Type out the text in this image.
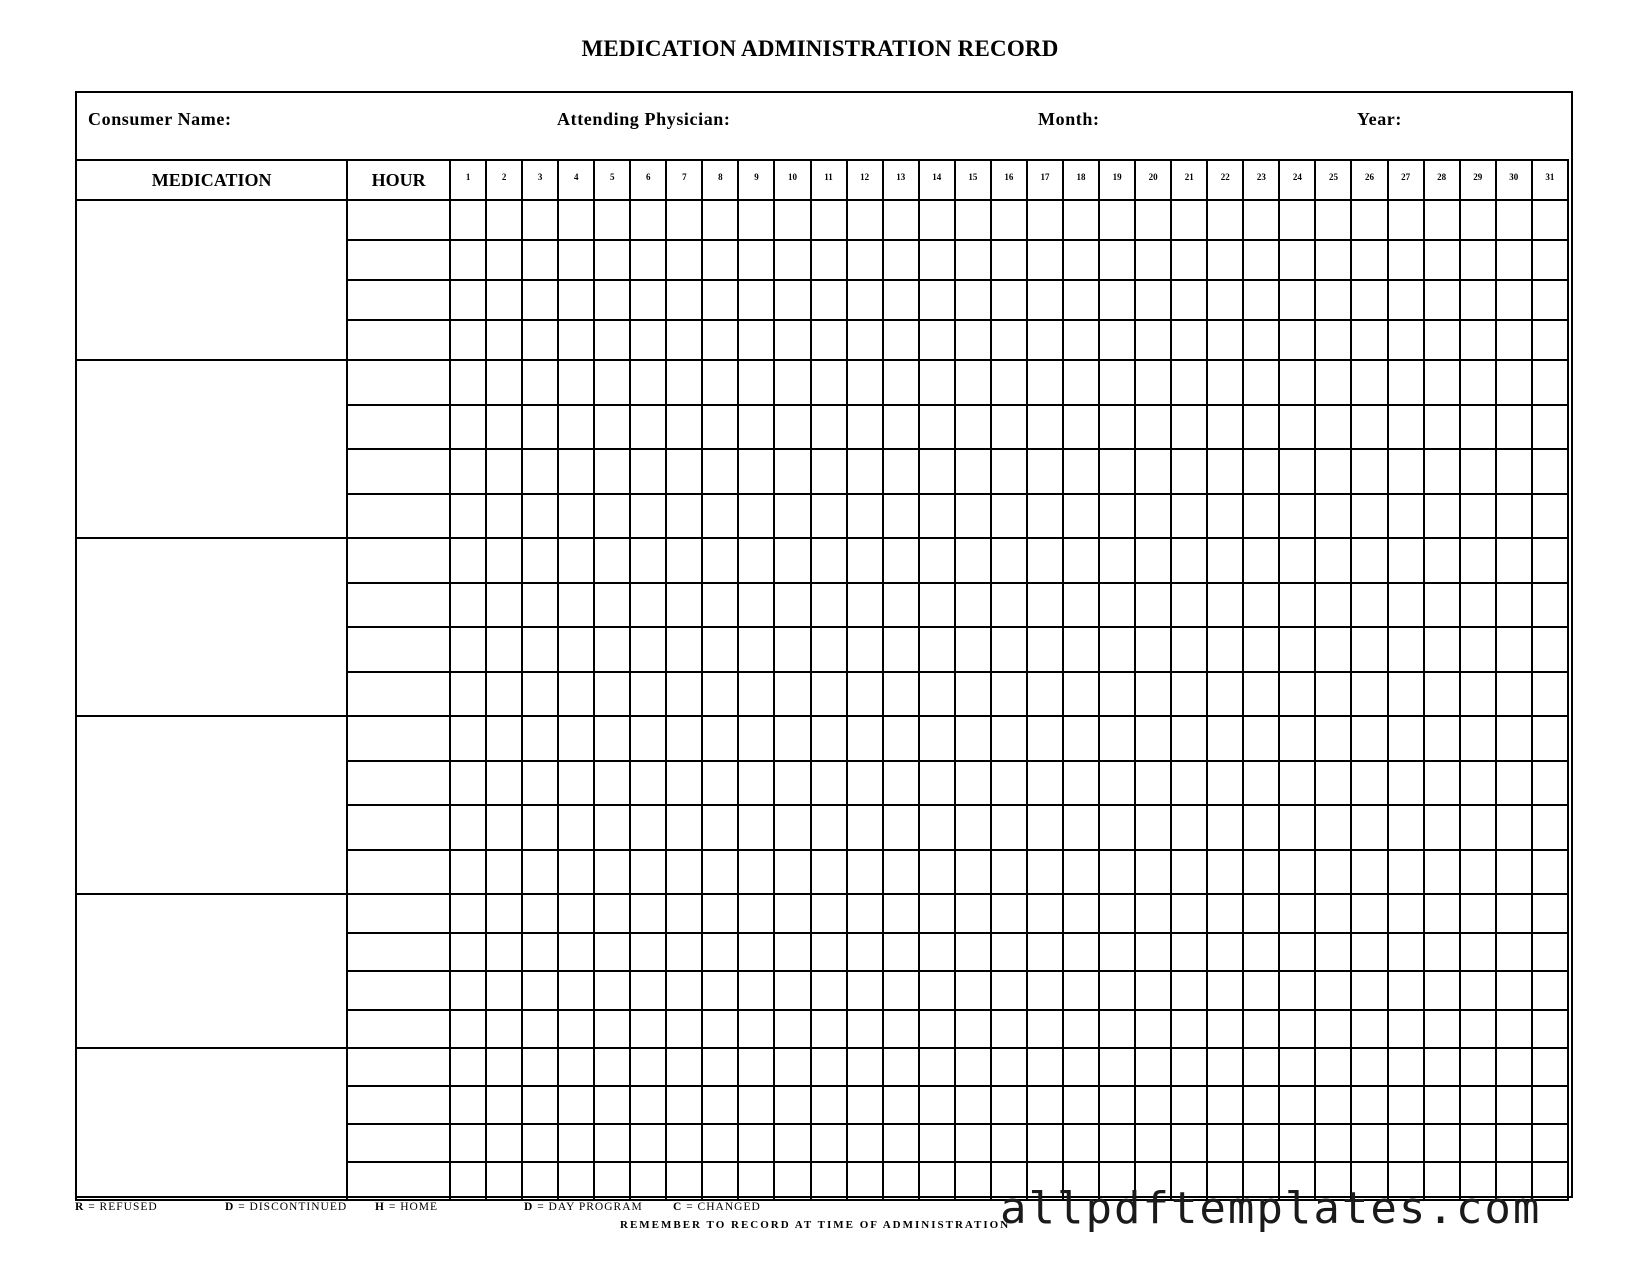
MEDICATION ADMINISTRATION RECORD
Consumer Name:	Attending Physician:	Month:	Year:
MEDICATION	HOUR	1	2	3	4	5	6	7	8	9	10	11	12	13	14	15	16	17	18	19	20	21	22	23	24	25	26	27	28	29	30	31

R = REFUSED	D = DISCONTINUED H = HOME	D = DAY PROGRAM	C = CHANGED
REMEMBER TO RECORD AT TIME OF ADMINISTRATION
allpdftemplates.com
